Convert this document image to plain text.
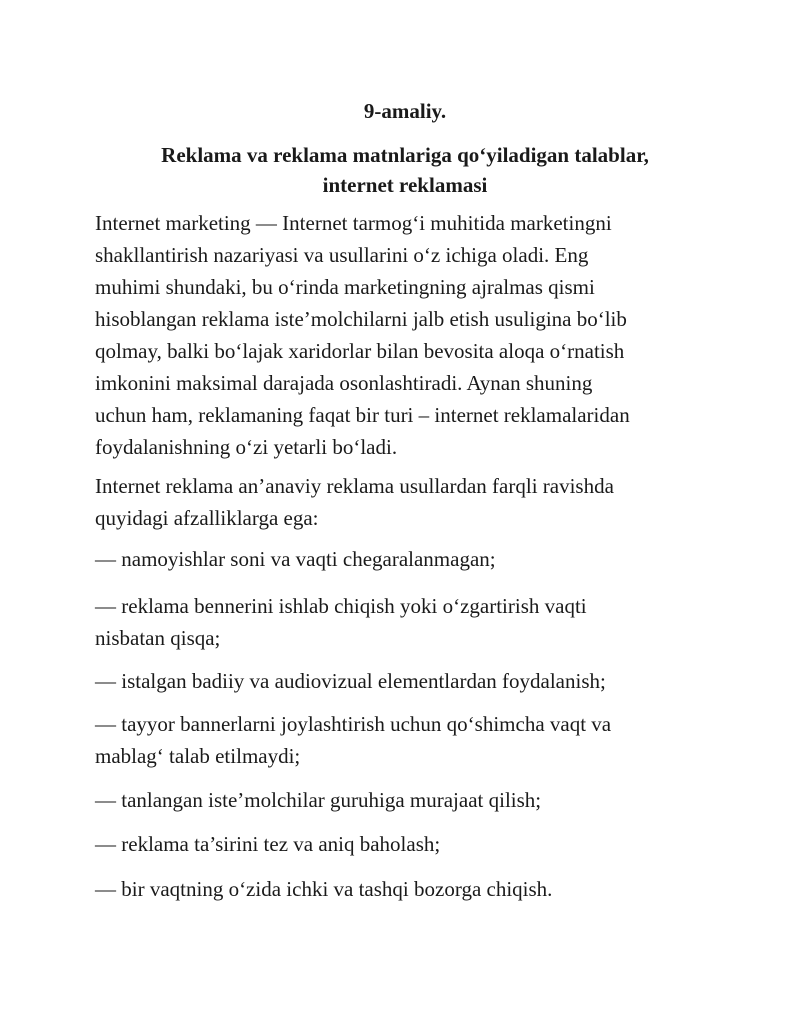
9-amaliy.
Reklama va reklama matnlariga qo‘yiladigan talablar,
internet reklamasi

Internet marketing — Internet tarmog‘i muhitida marketingni
shakllantirish nazariyasi va usullarini o‘z ichiga oladi. Eng
muhimi shundaki, bu o‘rinda marketingning ajralmas qismi
hisoblangan reklama iste’molchilarni jalb etish usuligina bo‘lib
qolmay, balki bo‘lajak xaridorlar bilan bevosita aloqa o‘rnatish
imkonini maksimal darajada osonlashtiradi. Aynan shuning
uchun ham, reklamaning faqat bir turi – internet reklamalaridan
foydalanishning o‘zi yetarli bo‘ladi.

Internet reklama an’anaviy reklama usullardan farqli ravishda
quyidagi afzalliklarga ega:

— namoyishlar soni va vaqti chegaralanmagan;

— reklama bennerini ishlab chiqish yoki o‘zgartirish vaqti
nisbatan qisqa;

— istalgan badiiy va audiovizual elementlardan foydalanish;

— tayyor bannerlarni joylashtirish uchun qo‘shimcha vaqt va
mablag‘ talab etilmaydi;

— tanlangan iste’molchilar guruhiga murajaat qilish;

— reklama ta’sirini tez va aniq baholash;

— bir vaqtning o‘zida ichki va tashqi bozorga chiqish.
